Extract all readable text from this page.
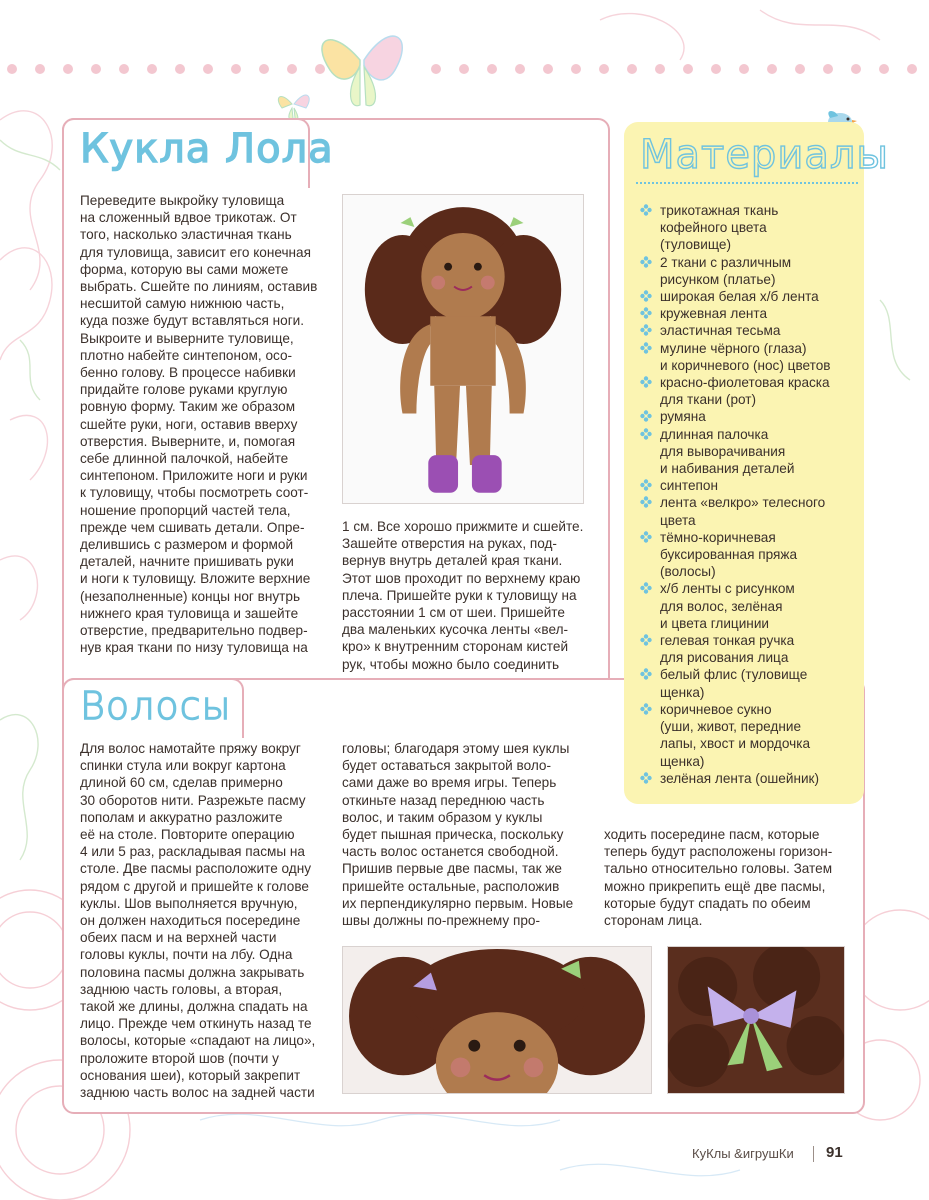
Кукла Лола
Переведите выкройку туловища
на сложенный вдвое трикотаж. От
того, насколько эластичная ткань
для туловища, зависит его конечная
форма, которую вы сами можете
выбрать. Сшейте по линиям, оставив
несшитой самую нижнюю часть,
куда позже будут вставляться ноги.
Выкроите и выверните туловище,
плотно набейте синтепоном, осо-
бенно голову. В процессе набивки
придайте голове руками круглую
ровную форму. Таким же образом
сшейте руки, ноги, оставив вверху
отверстия. Выверните, и, помогая
себе длинной палочкой, набейте
синтепоном. Приложите ноги и руки
к туловищу, чтобы посмотреть соот-
ношение пропорций частей тела,
прежде чем сшивать детали. Опре-
делившись с размером и формой
деталей, начните пришивать руки
и ноги к туловищу. Вложите верхние
(незаполненные) концы ног внутрь
нижнего края туловища и зашейте
отверстие, предварительно подвер-
нув края ткани по низу туловища на
1 см. Все хорошо прижмите и сшейте.
Зашейте отверстия на руках, под-
вернув внутрь деталей края ткани.
Этот шов проходит по верхнему краю
плеча. Пришейте руки к туловищу на
расстоянии 1 см от шеи. Пришейте
два маленьких кусочка ленты «вел-
кро» к внутренним сторонам кистей
рук, чтобы можно было соединить

Волосы
Для волос намотайте пряжу вокруг
спинки стула или вокруг картона
длиной 60 см, сделав примерно
30 оборотов нити. Разрежьте пасму
пополам и аккуратно разложите
её на столе. Повторите операцию
4 или 5 раз, раскладывая пасмы на
столе. Две пасмы расположите одну
рядом с другой и пришейте к голове
куклы. Шов выполняется вручную,
он должен находиться посередине
обеих пасм и на верхней части
головы куклы, почти на лбу. Одна
половина пасмы должна закрывать
заднюю часть головы, а вторая,
такой же длины, должна спадать на
лицо. Прежде чем откинуть назад те
волосы, которые «спадают на лицо»,
проложите второй шов (почти у
основания шеи), который закрепит
заднюю часть волос на задней части
головы; благодаря этому шея куклы
будет оставаться закрытой воло-
сами даже во время игры. Теперь
откиньте назад переднюю часть
волос, и таким образом у куклы
будет пышная прическа, поскольку
часть волос останется свободной.
Пришив первые две пасмы, так же
пришейте остальные, расположив
их перпендикулярно первым. Новые
швы должны по-прежнему про-
ходить посередине пасм, которые
теперь будут расположены горизон-
тально относительно головы. Затем
можно прикрепить ещё две пасмы,
которые будут спадать по обеим
сторонам лица.
Материалы
трикотажная ткань
кофейного цвета
(туловище)
2 ткани с различным
рисунком (платье)
широкая белая х/б лента
кружевная лента
эластичная тесьма
мулине чёрного (глаза)
и коричневого (нос) цветов
красно-фиолетовая краска
для ткани (рот)
румяна
длинная палочка
для выворачивания
и набивания деталей
синтепон
лента «велкро» телесного
цвета
тёмно-коричневая
буксированная пряжа
(волосы)
х/б ленты с рисунком
для волос, зелёная
и цвета глицинии
гелевая тонкая ручка
для рисования лица
белый флис (туловище
щенка)
коричневое сукно
(уши, живот, передние
лапы, хвост и мордочка
щенка)
зелёная лента (ошейник)
КуКлы &игрушКи 91
